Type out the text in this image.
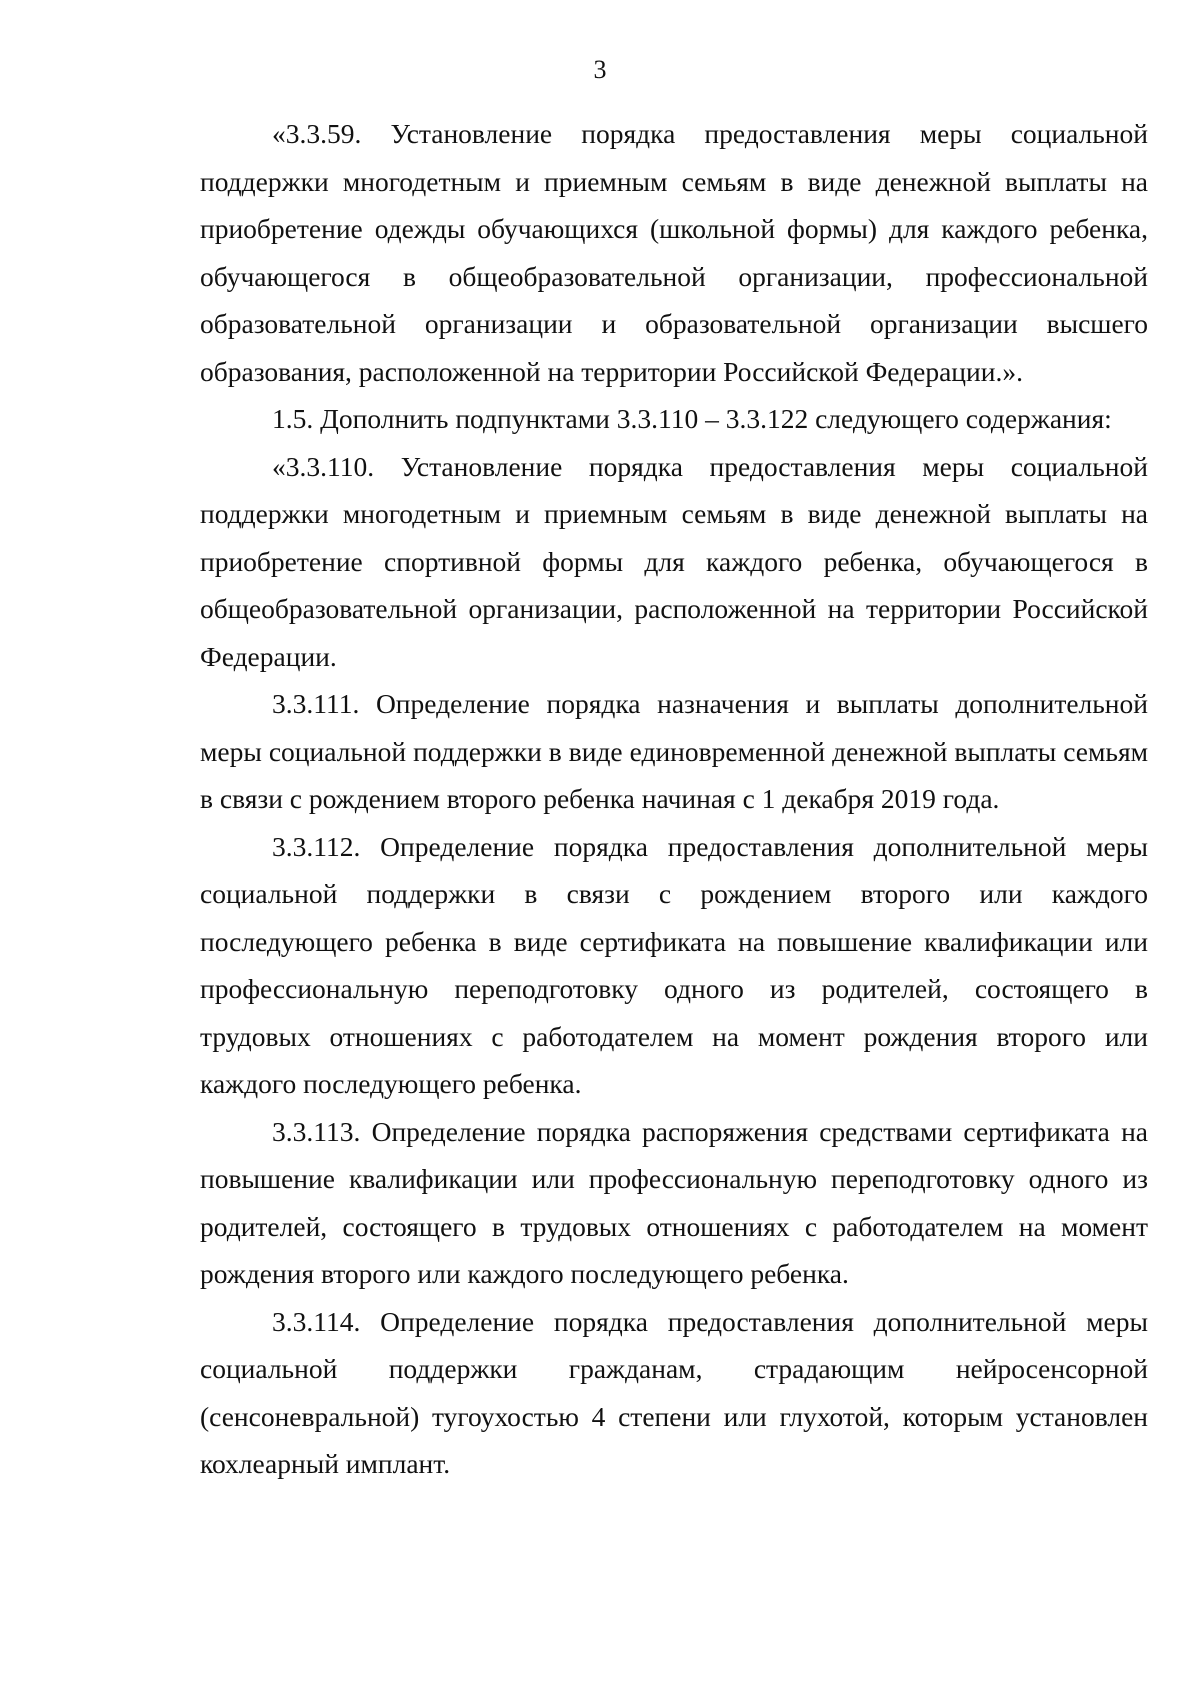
3

«3.3.59. Установление порядка предоставления меры социальной поддержки многодетным и приемным семьям в виде денежной выплаты на приобретение одежды обучающихся (школьной формы) для каждого ребенка, обучающегося в общеобразовательной организации, профессиональной образовательной организации и образовательной организации высшего образования, расположенной на территории Российской Федерации.».

1.5. Дополнить подпунктами 3.3.110 – 3.3.122 следующего содержания:

«3.3.110. Установление порядка предоставления меры социальной поддержки многодетным и приемным семьям в виде денежной выплаты на приобретение спортивной формы для каждого ребенка, обучающегося в общеобразовательной организации, расположенной на территории Российской Федерации.

3.3.111. Определение порядка назначения и выплаты дополнительной меры социальной поддержки в виде единовременной денежной выплаты семьям в связи с рождением второго ребенка начиная с 1 декабря 2019 года.

3.3.112. Определение порядка предоставления дополнительной меры социальной поддержки в связи с рождением второго или каждого последующего ребенка в виде сертификата на повышение квалификации или профессиональную переподготовку одного из родителей, состоящего в трудовых отношениях с работодателем на момент рождения второго или каждого последующего ребенка.

3.3.113. Определение порядка распоряжения средствами сертификата на повышение квалификации или профессиональную переподготовку одного из родителей, состоящего в трудовых отношениях с работодателем на момент рождения второго или каждого последующего ребенка.

3.3.114. Определение порядка предоставления дополнительной меры социальной поддержки гражданам, страдающим нейросенсорной (сенсоневральной) тугоухостью 4 степени или глухотой, которым установлен кохлеарный имплант.
